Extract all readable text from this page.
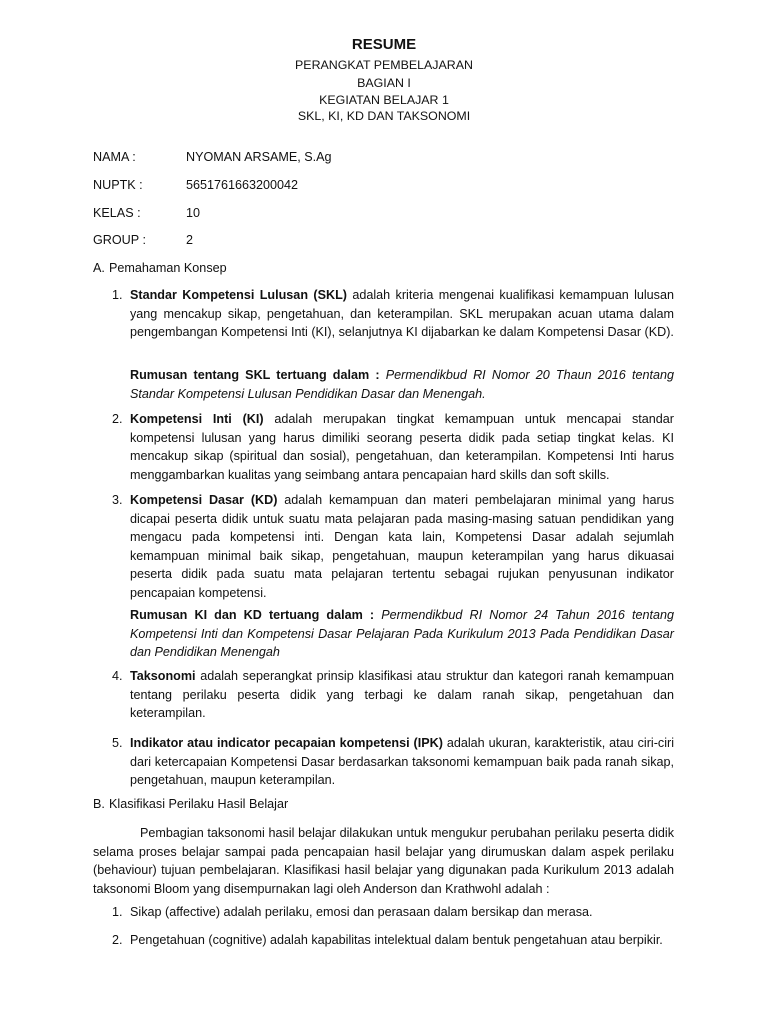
RESUME
PERANGKAT PEMBELAJARAN
BAGIAN I
KEGIATAN BELAJAR 1
SKL, KI, KD DAN TAKSONOMI
NAMA :	NYOMAN ARSAME, S.Ag
NUPTK :	5651761663200042
KELAS :	10
GROUP :	2
A. Pemahaman Konsep
1. Standar Kompetensi Lulusan (SKL) adalah kriteria mengenai kualifikasi kemampuan lulusan yang mencakup sikap, pengetahuan, dan keterampilan. SKL merupakan acuan utama dalam pengembangan Kompetensi Inti (KI), selanjutnya KI dijabarkan ke dalam Kompetensi Dasar (KD).
Rumusan tentang SKL tertuang dalam : Permendikbud RI Nomor 20 Thaun 2016 tentang Standar Kompetensi Lulusan Pendidikan Dasar dan Menengah.
2. Kompetensi Inti (KI) adalah merupakan tingkat kemampuan untuk mencapai standar kompetensi lulusan yang harus dimiliki seorang peserta didik pada setiap tingkat kelas. KI mencakup sikap (spiritual dan sosial), pengetahuan, dan keterampilan. Kompetensi Inti harus menggambarkan kualitas yang seimbang antara pencapaian hard skills dan soft skills.
3. Kompetensi Dasar (KD) adalah kemampuan dan materi pembelajaran minimal yang harus dicapai peserta didik untuk suatu mata pelajaran pada masing-masing satuan pendidikan yang mengacu pada kompetensi inti. Dengan kata lain, Kompetensi Dasar adalah sejumlah kemampuan minimal baik sikap, pengetahuan, maupun keterampilan yang harus dikuasai peserta didik pada suatu mata pelajaran tertentu sebagai rujukan penyusunan indikator pencapaian kompetensi.
Rumusan KI dan KD tertuang dalam : Permendikbud RI Nomor 24 Tahun 2016 tentang Kompetensi Inti dan Kompetensi Dasar Pelajaran Pada Kurikulum 2013 Pada Pendidikan Dasar dan Pendidikan Menengah
4. Taksonomi adalah seperangkat prinsip klasifikasi atau struktur dan kategori ranah kemampuan tentang perilaku peserta didik yang terbagi ke dalam ranah sikap, pengetahuan dan keterampilan.
5. Indikator atau indicator pecapaian kompetensi (IPK) adalah ukuran, karakteristik, atau ciri-ciri dari ketercapaian Kompetensi Dasar berdasarkan taksonomi kemampuan baik pada ranah sikap, pengetahuan, maupun keterampilan.
B. Klasifikasi Perilaku Hasil Belajar
Pembagian taksonomi hasil belajar dilakukan untuk mengukur perubahan perilaku peserta didik selama proses belajar sampai pada pencapaian hasil belajar yang dirumuskan dalam aspek perilaku (behaviour) tujuan pembelajaran. Klasifikasi hasil belajar yang digunakan pada Kurikulum 2013 adalah taksonomi Bloom yang disempurnakan lagi oleh Anderson dan Krathwohl adalah :
1. Sikap (affective) adalah perilaku, emosi dan perasaan dalam bersikap dan merasa.
2. Pengetahuan (cognitive) adalah kapabilitas intelektual dalam bentuk pengetahuan atau berpikir.
